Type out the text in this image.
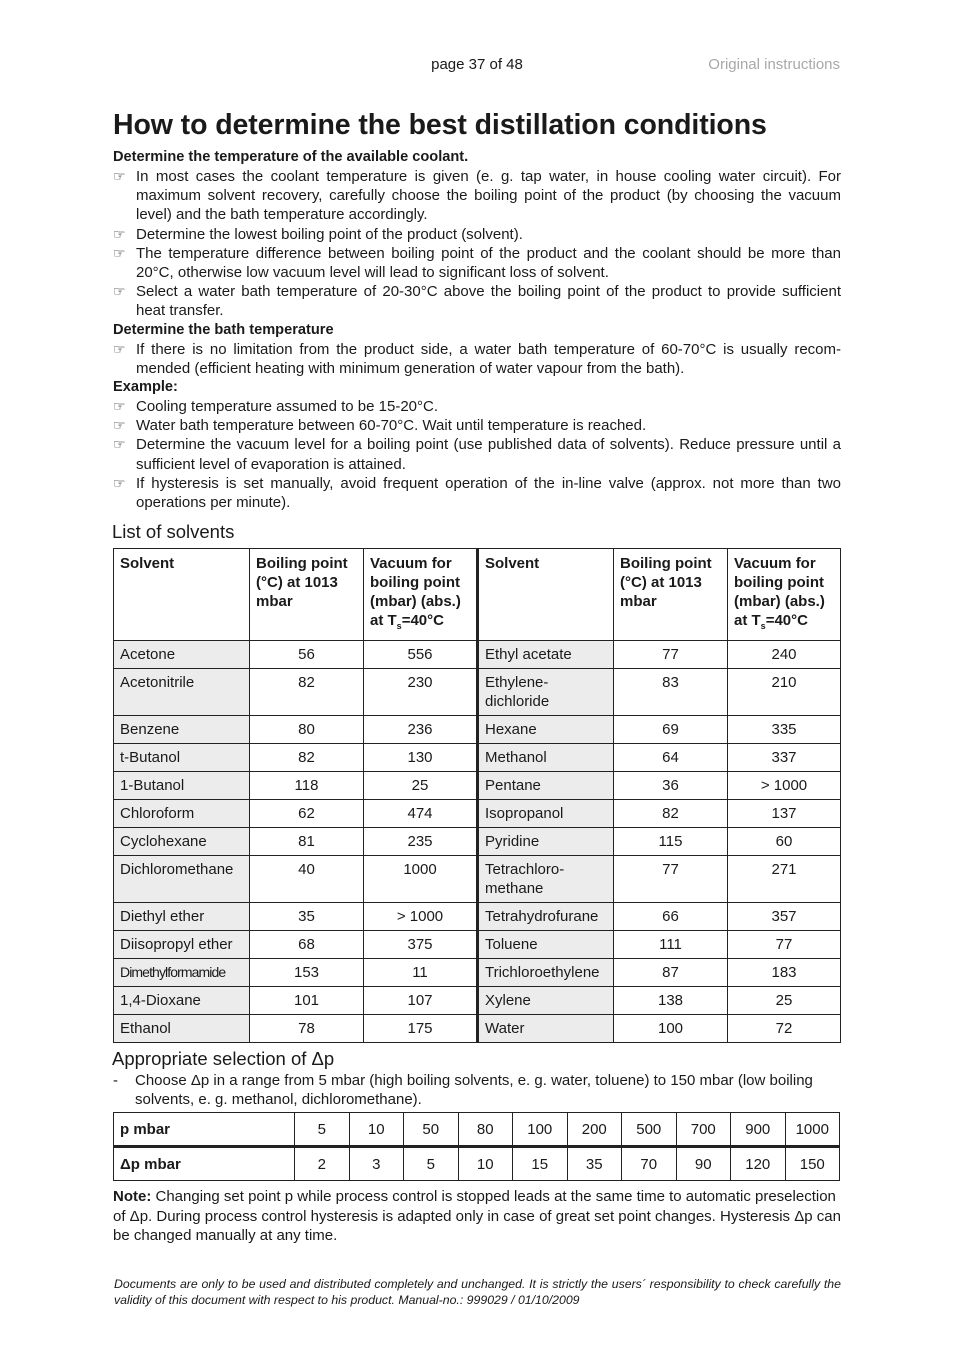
page 37 of 48	Original instructions
How to determine the best distillation conditions

Determine the temperature of the available coolant.

☞ In most cases the coolant temperature is given (e. g. tap water, in house cooling water circuit). For maximum solvent recovery, carefully choose the boiling point of the product (by choosing the vacuum level) and the bath temperature accordingly.

☞ Determine the lowest boiling point of the product (solvent).

☞ The temperature difference between boiling point of the product and the coolant should be more than 20°C, otherwise low vacuum level will lead to significant loss of solvent.

☞ Select a water bath temperature of 20-30°C above the boiling point of the product to provide sufficient heat transfer.

Determine the bath temperature

☞ If there is no limitation from the product side, a water bath temperature of 60-70°C is usually recom-mended (efficient heating with minimum generation of water vapour from the bath).

Example:

☞ Cooling temperature assumed to be 15-20°C.

☞ Water bath temperature between 60-70°C. Wait until temperature is reached.

☞ Determine the vacuum level for a boiling point (use published data of solvents). Reduce pressure until a sufficient level of evaporation is attained.

☞ If hysteresis is set manually, avoid frequent operation of the in-line valve (approx. not more than two operations per minute).

List of solvents
Solvent	Boiling point (°C) at 1013 mbar	Vacuum for boiling point (mbar) (abs.) at $T_s=40^\circ C$	Solvent	Boiling point (°C) at 1013 mbar	Vacuum for boiling point (mbar) (abs.) at $T_s=40^\circ C$
Acetone	56	556	Ethyl acetate	77	240
Acetonitrile	82	230	Ethylene-dichloride	83	210
Benzene	80	236	Hexane	69	335
t-Butanol	82	130	Methanol	64	337
1-Butanol	118	25	Pentane	36	> 1000
Chloroform	62	474	Isopropanol	82	137
Cyclohexane	81	235	Pyridine	115	60
Dichloromethane	40	1000	Tetrachloro-methane	77	271
Diethyl ether	35	> 1000	Tetrahydrofurane	66	357
Diisopropyl ether	68	375	Toluene	111	77
Dimethylformamide	153	11	Trichloroethylene	87	183
1,4-Dioxane	101	107	Xylene	138	25
Ethanol	78	175	Water	100	72
Appropriate selection of Δp

- Choose Δp in a range from 5 mbar (high boiling solvents, e. g. water, toluene) to 150 mbar (low boiling solvents, e. g. methanol, dichloromethane).

p mbar	5	10	50	80	100	200	500	700	900	1000
Δp mbar	2	3	5	10	15	35	70	90	120	150

Note: Changing set point p while process control is stopped leads at the same time to automatic preselection of Δp. During process control hysteresis is adapted only in case of great set point changes. Hysteresis Δp can be changed manually at any time.

Documents are only to be used and distributed completely and unchanged. It is strictly the users´ responsibility to check carefully the validity of this document with respect to his product. Manual-no.: 999029 / 01/10/2009
